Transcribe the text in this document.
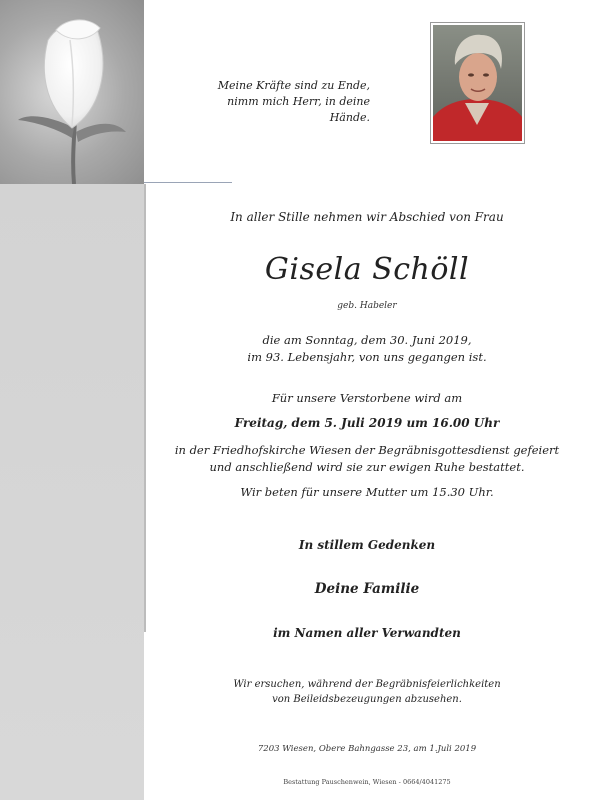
Meine Kräfte sind zu Ende,
nimm mich Herr, in deine Hände.
In aller Stille nehmen wir Abschied von Frau
Gisela Schöll
geb. Habeler
die am Sonntag, dem 30. Juni 2019,
im 93. Lebensjahr, von uns gegangen ist.
Für unsere Verstorbene wird am
Freitag, dem 5. Juli 2019 um 16.00 Uhr
in der Friedhofskirche Wiesen der Begräbnisgottesdienst gefeiert
und anschließend wird sie zur ewigen Ruhe bestattet.
Wir beten für unsere Mutter um 15.30 Uhr.
In stillem Gedenken
Deine Familie
im Namen aller Verwandten
Wir ersuchen, während der Begräbnisfeierlichkeiten
von Beileidsbezeugungen abzusehen.
7203 Wiesen, Obere Bahngasse 23, am 1.Juli 2019
Bestattung Pauschenwein, Wiesen - 0664/4041275
